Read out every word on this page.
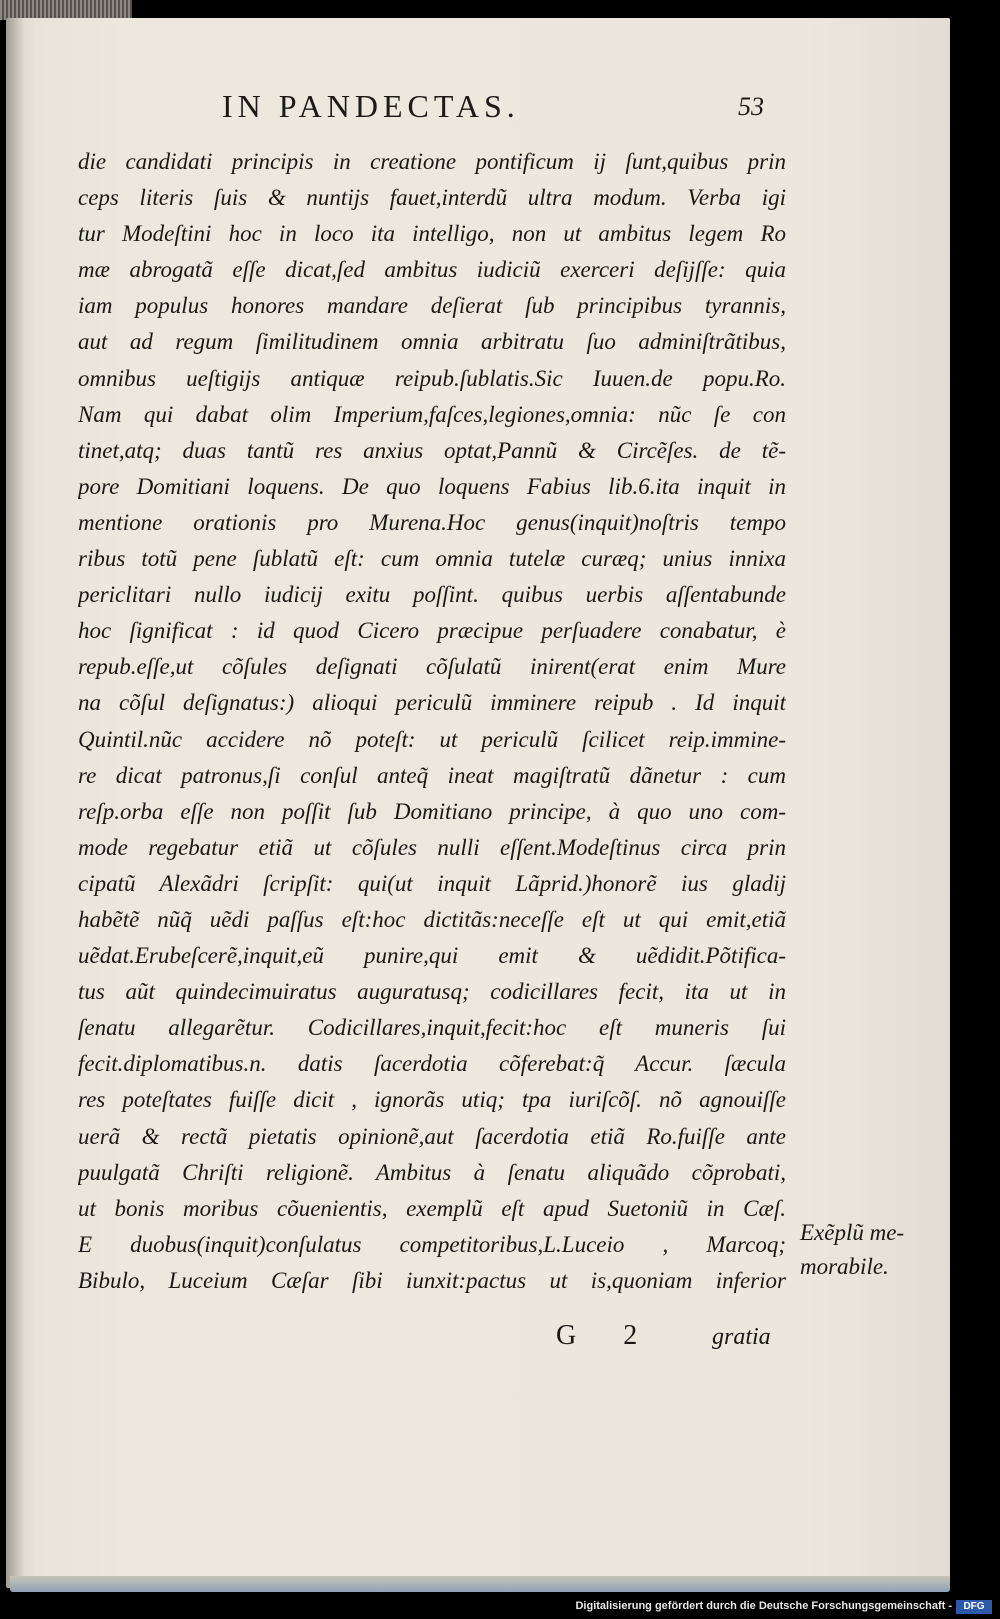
IN PANDECTAS.	53
die candidati principis in creatione pontificum ij ſunt,quibus prin
ceps literis ſuis & nuntijs fauet,interdũ ultra modum. Verba igi
tur Modeſtini hoc in loco ita intelligo, non ut ambitus legem Ro
mæ abrogatã eſſe dicat,ſed ambitus iudiciũ exerceri deſijſſe: quia
iam populus honores mandare deſierat ſub principibus tyrannis,
aut ad regum ſimilitudinem omnia arbitratu ſuo adminiſtrãtibus,
omnibus ueſtigijs antiquæ reipub.ſublatis.Sic Iuuen.de popu.Ro.
Nam qui dabat olim Imperium,faſces,legiones,omnia: nũc ſe con
tinet,atq; duas tantũ res anxius optat,Pannũ & Circẽſes. de tẽ-
pore Domitiani loquens. De quo loquens Fabius lib.6.ita inquit in
mentione orationis pro Murena.Hoc genus(inquit)noſtris tempo
ribus totũ pene ſublatũ eſt: cum omnia tutelæ curæq; unius innixa
periclitari nullo iudicij exitu poſſint. quibus uerbis aſſentabunde
hoc ſignificat : id quod Cicero præcipue perſuadere conabatur, è
repub.eſſe,ut cõſules deſignati cõſulatũ inirent(erat enim Mure
na cõſul deſignatus:) alioqui periculũ imminere reipub . Id inquit
Quintil.nũc accidere nõ poteſt: ut periculũ ſcilicet reip.immine-
re dicat patronus,ſi conſul anteq̃ ineat magiſtratũ dãnetur : cum
reſp.orba eſſe non poſſit ſub Domitiano principe, à quo uno com-
mode regebatur etiã ut cõſules nulli eſſent.Modeſtinus circa prin
cipatũ Alexãdri ſcripſit: qui(ut inquit Lãprid.)honorẽ ius gladij
habẽtẽ nũq̃ uẽdi paſſus eſt:hoc dictitãs:neceſſe eſt ut qui emit,etiã
uẽdat.Erubeſcerẽ,inquit,eũ punire,qui emit & uẽdidit.Põtifica-
tus aũt quindecimuiratus auguratusq; codicillares fecit, ita ut in
ſenatu allegarẽtur. Codicillares,inquit,fecit:hoc eſt muneris ſui
fecit.diplomatibus.n. datis ſacerdotia cõferebat:q̃ Accur. ſæcula
res poteſtates fuiſſe dicit , ignorãs utiq; tpa iuriſcõſ. nõ agnouiſſe
uerã & rectã pietatis opinionẽ,aut ſacerdotia etiã Ro.fuiſſe ante
puulgatã Chriſti religionẽ. Ambitus à ſenatu aliquãdo cõprobati,
ut bonis moribus cõuenientis, exemplũ eſt apud Suetoniũ in Cæſ.
E duobus(inquit)conſulatus competitoribus,L.Luceio , Marcoq;
Bibulo, Luceium Cæſar ſibi iunxit:pactus ut is,quoniam inferior
Exẽplũ me-
morabile.
G 2 gratia
Digitalisierung gefördert durch die Deutsche Forschungsgemeinschaft -	DFG
